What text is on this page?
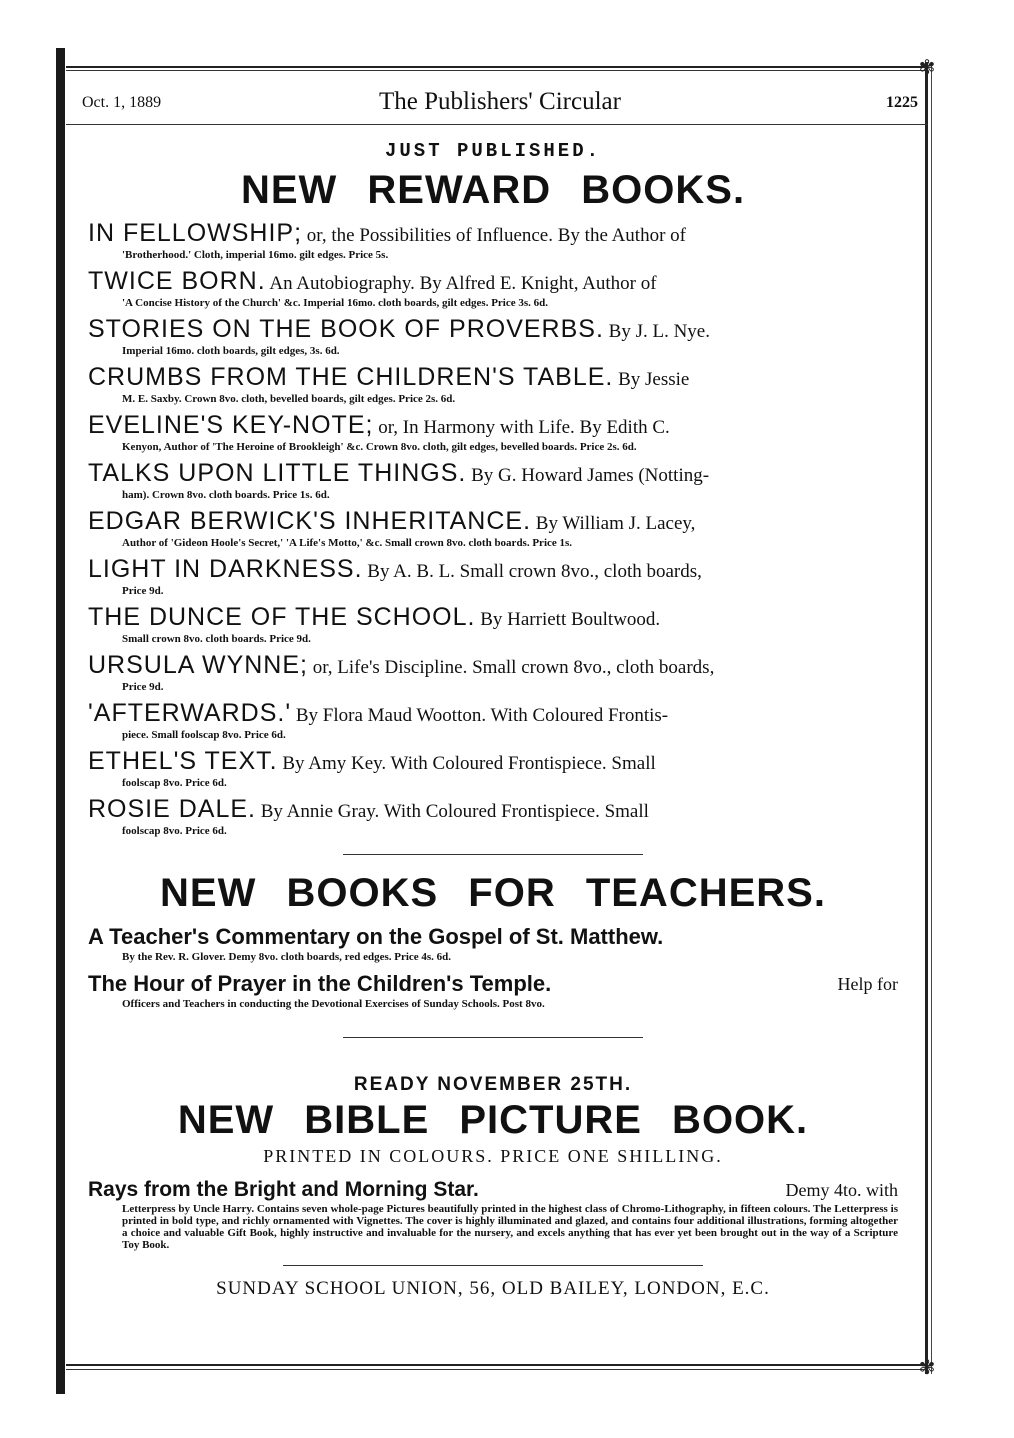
✾
✾
Oct. 1, 1889	The Publishers' Circular	1225
JUST PUBLISHED.
NEW REWARD BOOKS.
IN FELLOWSHIP; or, the Possibilities of Influence. By the Author of
'Brotherhood.' Cloth, imperial 16mo. gilt edges. Price 5s.
TWICE BORN. An Autobiography. By Alfred E. Knight, Author of
'A Concise History of the Church' &c. Imperial 16mo. cloth boards, gilt edges. Price 3s. 6d.
STORIES ON THE BOOK OF PROVERBS. By J. L. Nye.
Imperial 16mo. cloth boards, gilt edges, 3s. 6d.
CRUMBS FROM THE CHILDREN'S TABLE. By Jessie
M. E. Saxby. Crown 8vo. cloth, bevelled boards, gilt edges. Price 2s. 6d.
EVELINE'S KEY-NOTE; or, In Harmony with Life. By Edith C.
Kenyon, Author of 'The Heroine of Brookleigh' &c. Crown 8vo. cloth, gilt edges, bevelled boards. Price 2s. 6d.
TALKS UPON LITTLE THINGS. By G. Howard James (Notting-
ham). Crown 8vo. cloth boards. Price 1s. 6d.
EDGAR BERWICK'S INHERITANCE. By William J. Lacey,
Author of 'Gideon Hoole's Secret,' 'A Life's Motto,' &c. Small crown 8vo. cloth boards. Price 1s.
LIGHT IN DARKNESS. By A. B. L. Small crown 8vo., cloth boards,
Price 9d.
THE DUNCE OF THE SCHOOL. By Harriett Boultwood.
Small crown 8vo. cloth boards. Price 9d.
URSULA WYNNE; or, Life's Discipline. Small crown 8vo., cloth boards,
Price 9d.
'AFTERWARDS.' By Flora Maud Wootton. With Coloured Frontis-
piece. Small foolscap 8vo. Price 6d.
ETHEL'S TEXT. By Amy Key. With Coloured Frontispiece. Small
foolscap 8vo. Price 6d.
ROSIE DALE. By Annie Gray. With Coloured Frontispiece. Small
foolscap 8vo. Price 6d.
NEW BOOKS FOR TEACHERS.
A Teacher's Commentary on the Gospel of St. Matthew.
By the Rev. R. Glover. Demy 8vo. cloth boards, red edges. Price 4s. 6d.
Help for
The Hour of Prayer in the Children's Temple.
Officers and Teachers in conducting the Devotional Exercises of Sunday Schools. Post 8vo.
READY NOVEMBER 25TH.
NEW BIBLE PICTURE BOOK.
PRINTED IN COLOURS. PRICE ONE SHILLING.
Demy 4to. with
Rays from the Bright and Morning Star.
Letterpress by Uncle Harry. Contains seven whole-page Pictures beautifully printed in the highest class of Chromo-Lithography, in fifteen colours. The Letterpress is printed in bold type, and richly ornamented with Vignettes. The cover is highly illuminated and glazed, and contains four additional illustrations, forming altogether a choice and valuable Gift Book, highly instructive and invaluable for the nursery, and excels anything that has ever yet been brought out in the way of a Scripture Toy Book.
SUNDAY SCHOOL UNION, 56, OLD BAILEY, LONDON, E.C.
